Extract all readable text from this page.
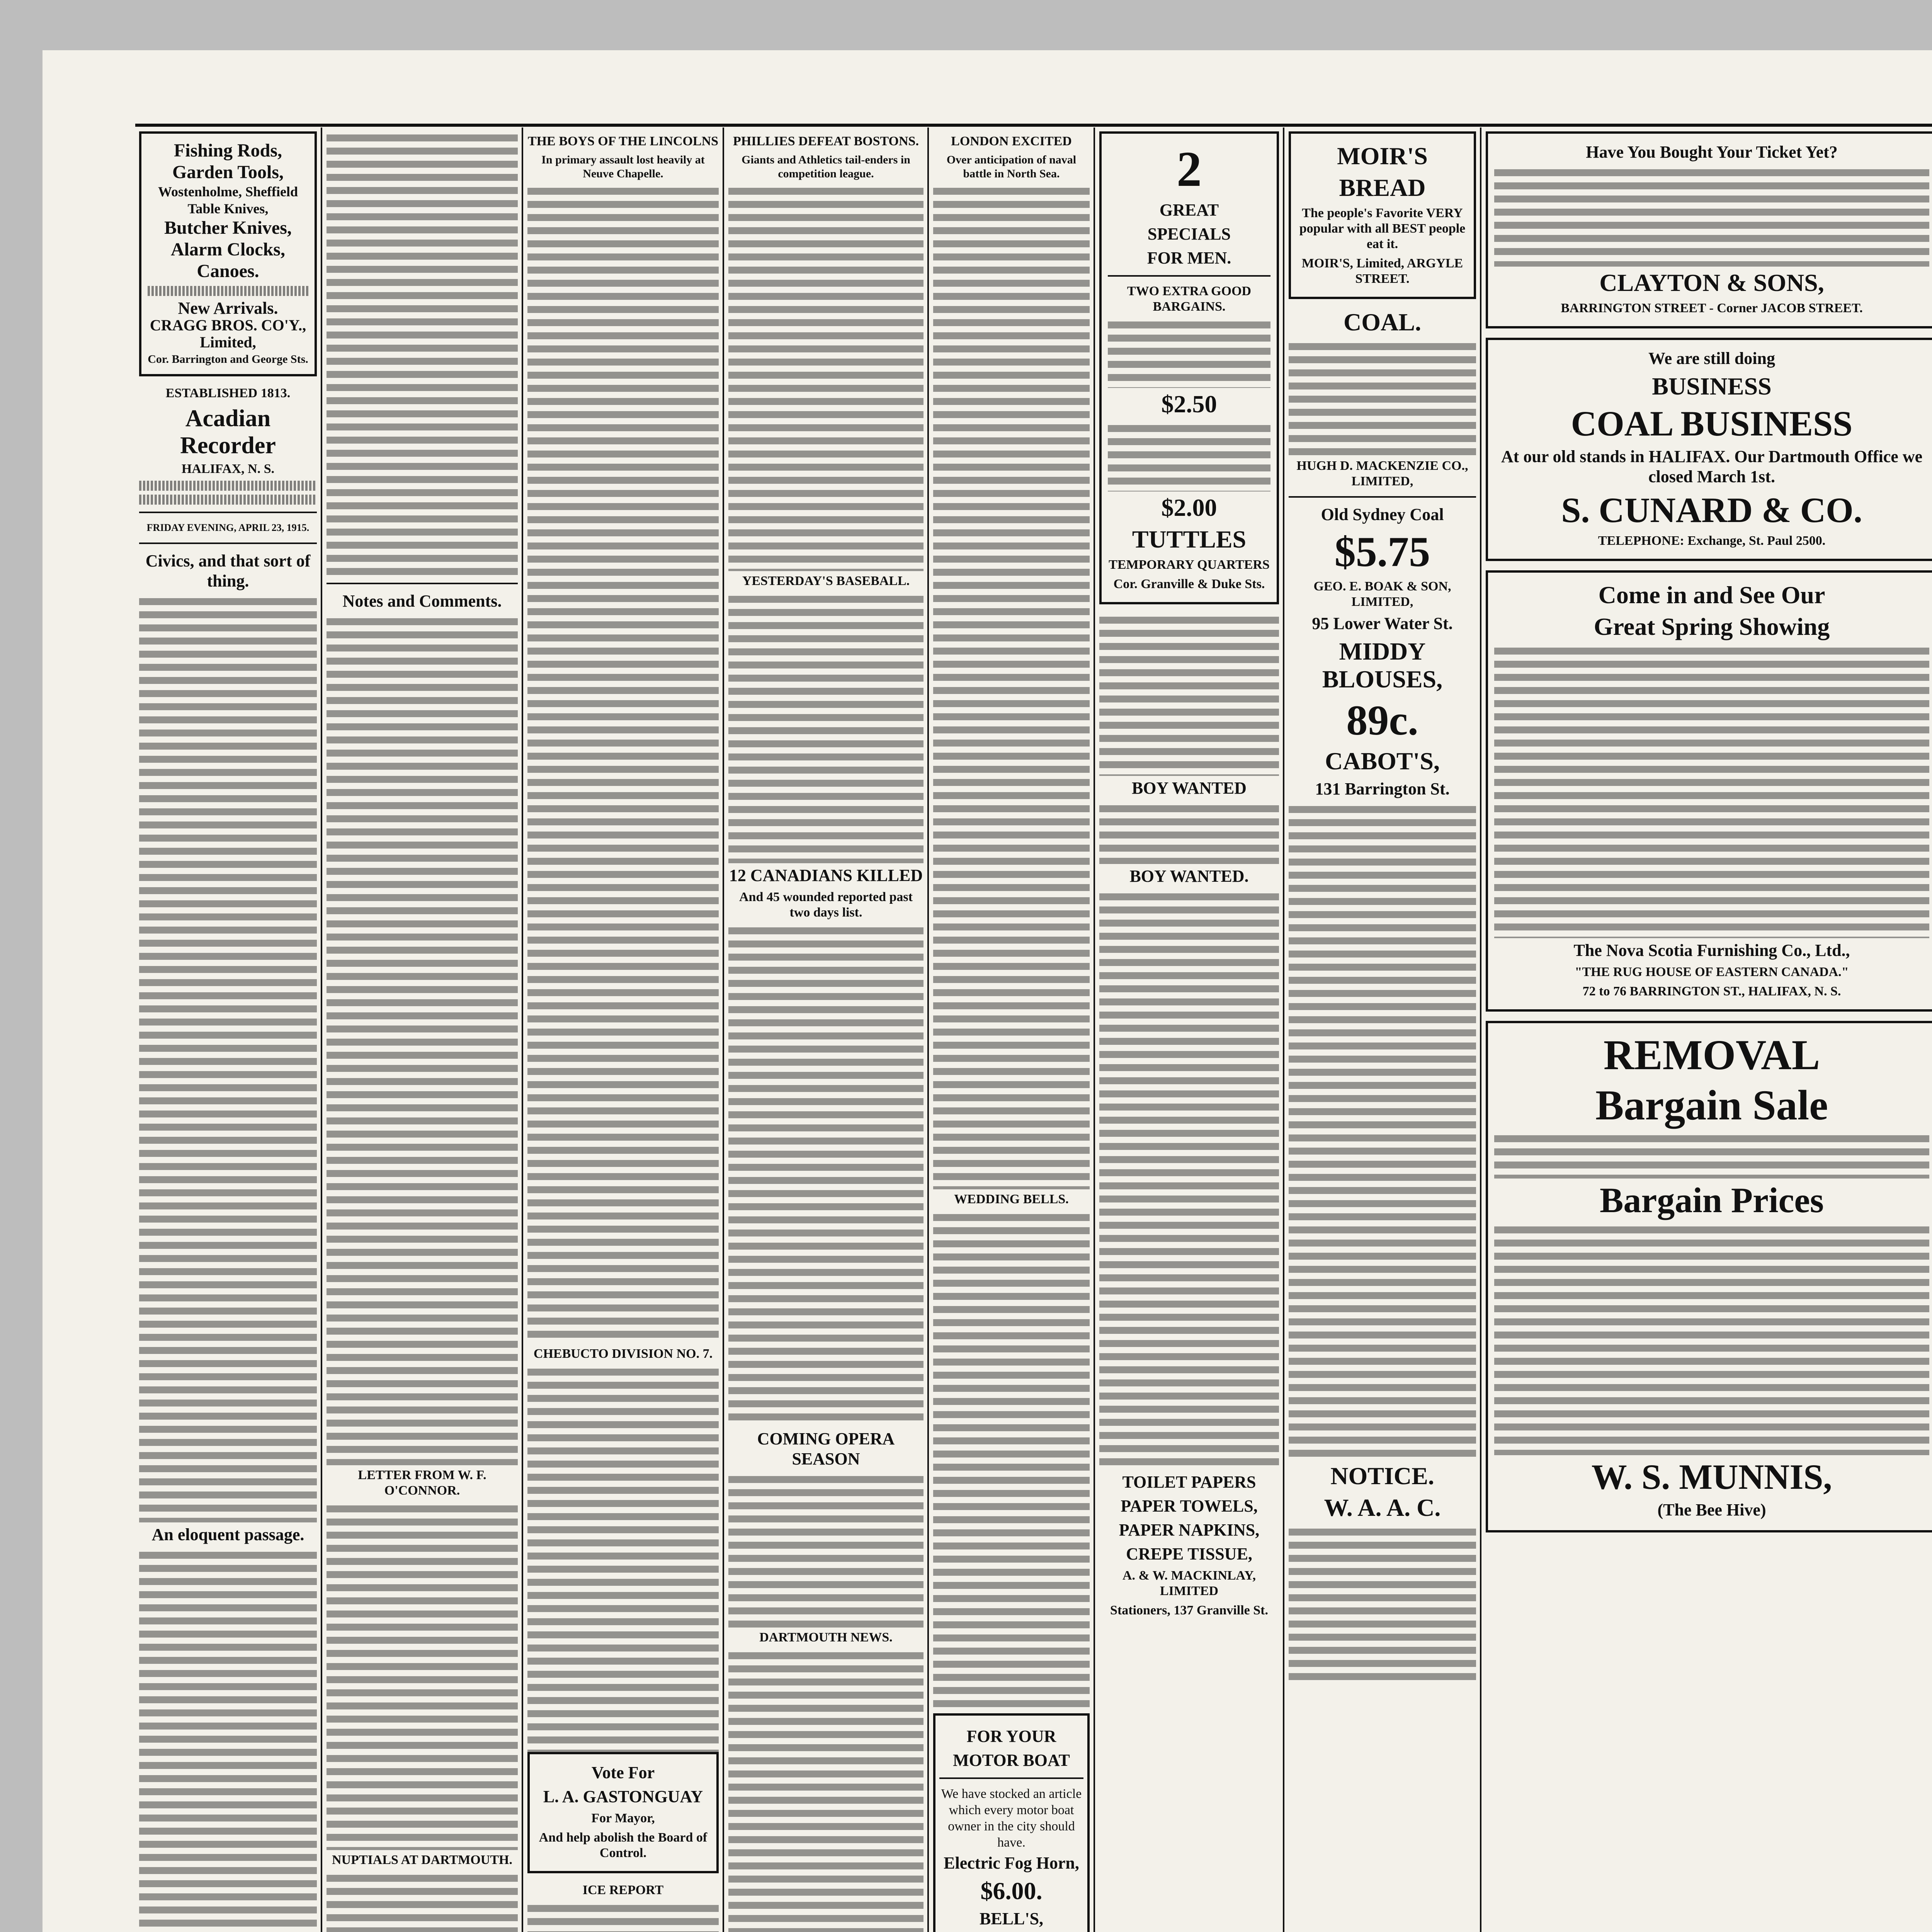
Fishing Rods,
Garden Tools,
Wostenholme, Sheffield
Table Knives,
Butcher Knives,
Alarm Clocks,
Canoes.
New Arrivals.
CRAGG BROS. CO'Y., Limited,
Cor. Barrington and George Sts.
ESTABLISHED 1813.
Acadian Recorder
HALIFAX, N. S.
FRIDAY EVENING, APRIL 23, 1915.
Civics, and that sort of thing.
An eloquent passage.
Notes and Comments.
LETTER FROM W. F. O'CONNOR.
NUPTIALS AT DARTMOUTH.
THE BOYS OF THE LINCOLNS
In primary assault lost heavily at Neuve Chapelle.
CHEBUCTO DIVISION NO. 7.
Vote For
L. A. GASTONGUAY
For Mayor,
And help abolish the Board of Control.
ICE REPORT
PHILLIES DEFEAT BOSTONS.
Giants and Athletics tail-enders in competition league.
YESTERDAY'S BASEBALL.
12 CANADIANS KILLED
And 45 wounded reported past two days list.
COMING OPERA SEASON
DARTMOUTH NEWS.
LONDON EXCITED
Over anticipation of naval battle in North Sea.
WEDDING BELLS.
FOR YOUR
MOTOR BOAT
We have stocked an article which every motor boat owner in the city should have.
Electric Fog Horn,
$6.00.
BELL'S,
2
GREAT
SPECIALS
FOR MEN.
TWO EXTRA GOOD BARGAINS.
$2.50
$2.00
TUTTLES
TEMPORARY QUARTERS
Cor. Granville & Duke Sts.
BOY WANTED
BOY WANTED.
TOILET PAPERS
PAPER TOWELS,
PAPER NAPKINS,
CREPE TISSUE,
A. & W. MACKINLAY, LIMITED
Stationers, 137 Granville St.
MOIR'S
BREAD
The people's Favorite VERY popular with all BEST people eat it.
MOIR'S, Limited, ARGYLE STREET.
COAL.
HUGH D. MACKENZIE CO., LIMITED,
Old Sydney Coal
$5.75
GEO. E. BOAK & SON, LIMITED,
95 Lower Water St.
MIDDY BLOUSES,
89c.
CABOT'S,
131 Barrington St.
NOTICE.
W. A. A. C.
Have You Bought Your Ticket Yet?
CLAYTON & SONS,
BARRINGTON STREET - Corner JACOB STREET.
We are still doing
BUSINESS
COAL BUSINESS
At our old stands in HALIFAX. Our Dartmouth Office we closed March 1st.
S. CUNARD & CO.
TELEPHONE: Exchange, St. Paul 2500.
Come in and See Our
Great Spring Showing
The Nova Scotia Furnishing Co., Ltd.,
"THE RUG HOUSE OF EASTERN CANADA."
72 to 76 BARRINGTON ST., HALIFAX, N. S.
REMOVAL
Bargain Sale
Bargain Prices
W. S. MUNNIS,
(The Bee Hive)
